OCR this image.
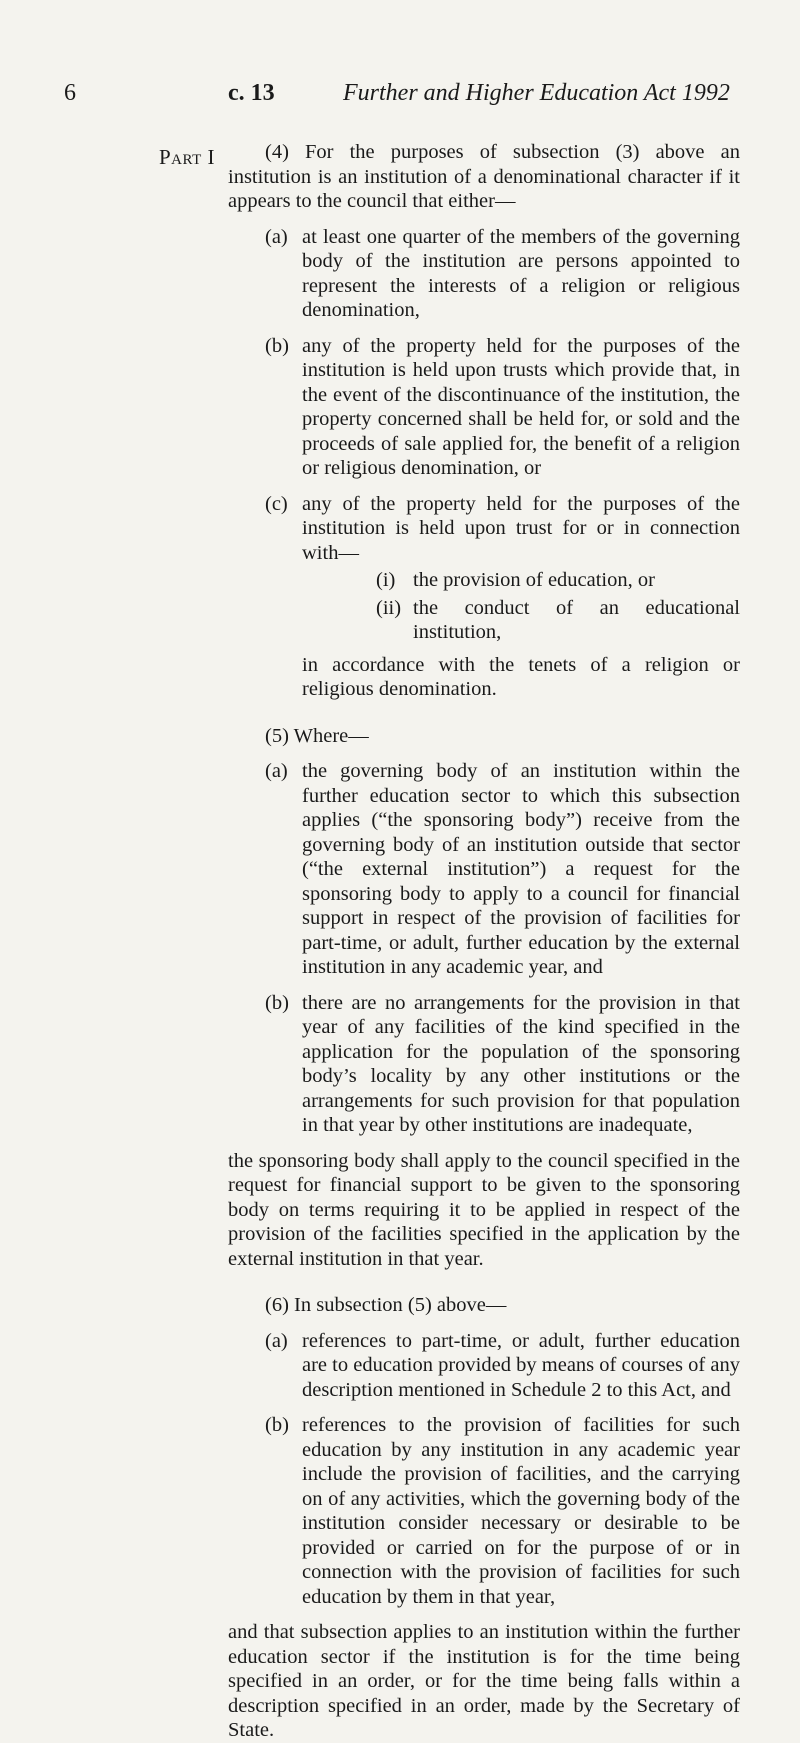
6	c. 13	Further and Higher Education Act 1992
Part I	(4) For the purposes of subsection (3) above an institution is an institution of a denominational character if it appears to the council that either—

(a) at least one quarter of the members of the governing body of the institution are persons appointed to represent the interests of a religion or religious denomination,
(b) any of the property held for the purposes of the institution is held upon trusts which provide that, in the event of the discontinuance of the institution, the property concerned shall be held for, or sold and the proceeds of sale applied for, the benefit of a religion or religious denomination, or
(c) any of the property held for the purposes of the institution is held upon trust for or in connection with—
(i) the provision of education, or
(ii) the conduct of an educational institution,

in accordance with the tenets of a religion or religious denomination.

(5) Where—

(a) the governing body of an institution within the further education sector to which this subsection applies (“the sponsoring body”) receive from the governing body of an institution outside that sector (“the external institution”) a request for the sponsoring body to apply to a council for financial support in respect of the provision of facilities for part-time, or adult, further education by the external institution in any academic year, and
(b) there are no arrangements for the provision in that year of any facilities of the kind specified in the application for the population of the sponsoring body’s locality by any other institutions or the arrangements for such provision for that population in that year by other institutions are inadequate,

the sponsoring body shall apply to the council specified in the request for financial support to be given to the sponsoring body on terms requiring it to be applied in respect of the provision of the facilities specified in the application by the external institution in that year.

(6) In subsection (5) above—

(a) references to part-time, or adult, further education are to education provided by means of courses of any description mentioned in Schedule 2 to this Act, and
(b) references to the provision of facilities for such education by any institution in any academic year include the provision of facilities, and the carrying on of any activities, which the governing body of the institution consider necessary or desirable to be provided or carried on for the purpose of or in connection with the provision of facilities for such education by them in that year,

and that subsection applies to an institution within the further education sector if the institution is for the time being specified in an order, or for the time being falls within a description specified in an order, made by the Secretary of State.
